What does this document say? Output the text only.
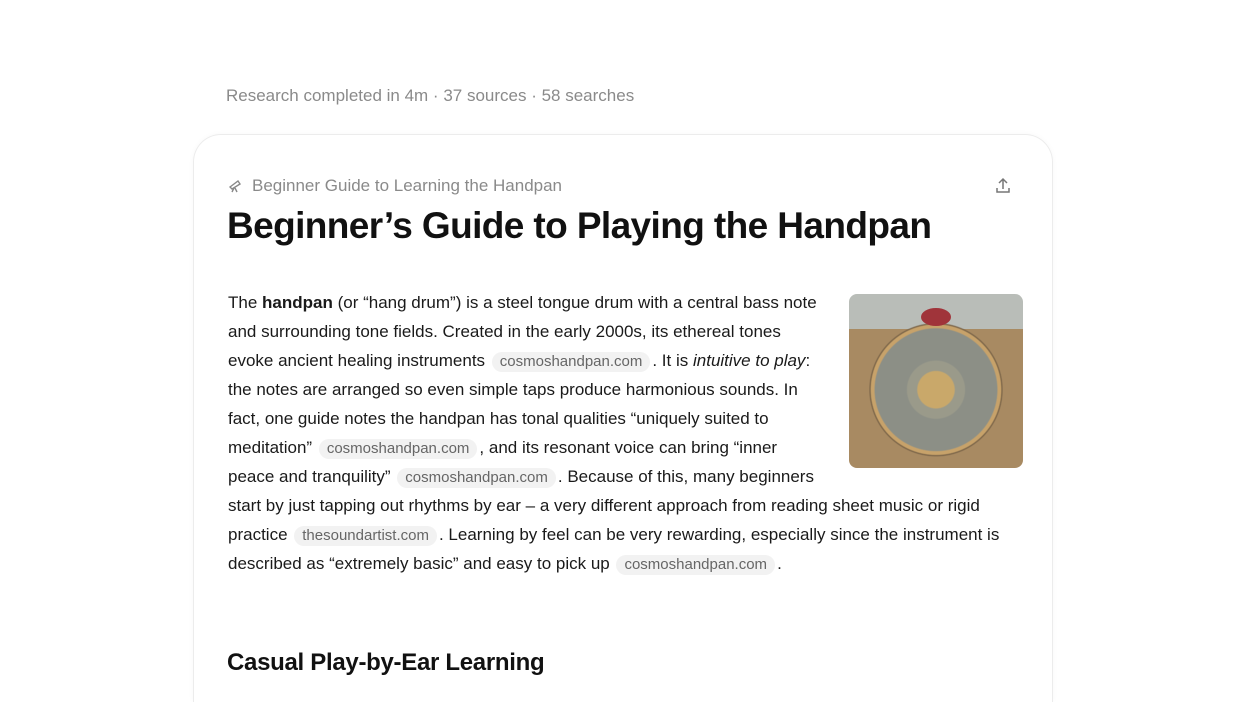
Research completed in 4m · 37 sources · 58 searches
Beginner Guide to Learning the Handpan
Beginner’s Guide to Playing the Handpan

The handpan (or “hang drum”) is a steel tongue drum with a central bass note and surrounding tone fields. Created in the early 2000s, its ethereal tones evoke ancient healing instruments cosmoshandpan.com . It is intuitive to play: the notes are arranged so even simple taps produce harmonious sounds. In fact, one guide notes the handpan has tonal qualities “uniquely suited to meditation” cosmoshandpan.com , and its resonant voice can bring “inner peace and tranquility” cosmoshandpan.com . Because of this, many beginners start by just tapping out rhythms by ear – a very different approach from reading sheet music or rigid practice thesoundartist.com . Learning by feel can be very rewarding, especially since the instrument is described as “extremely basic” and easy to pick up cosmoshandpan.com .

Casual Play-by-Ear Learning
